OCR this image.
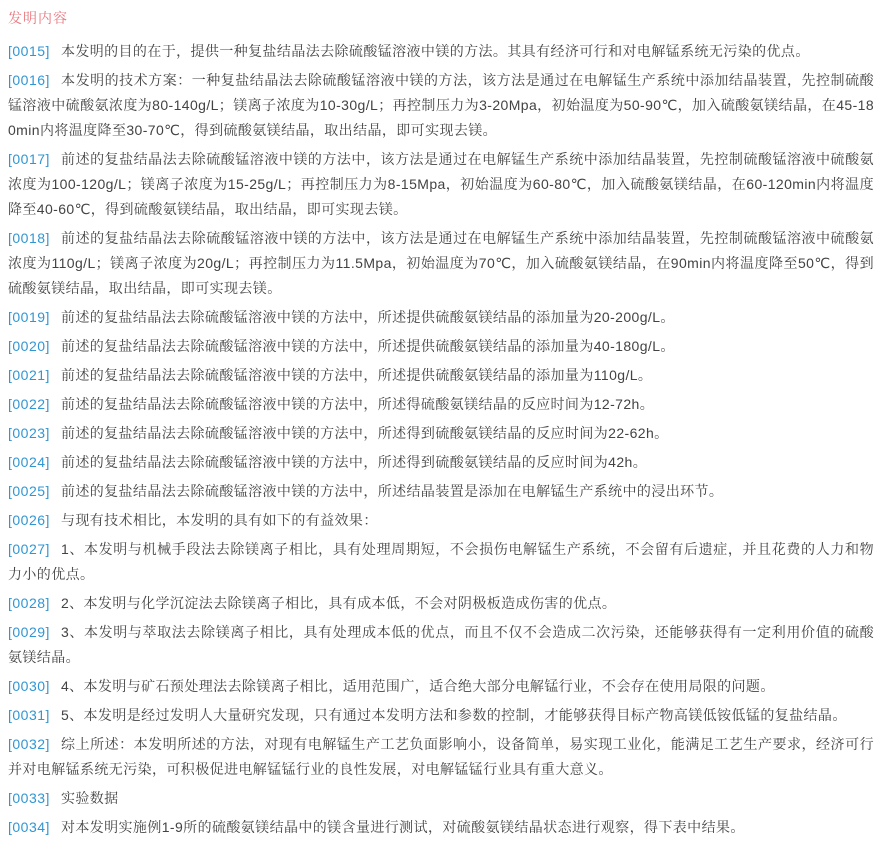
发明内容

[0015] 本发明的目的在于，提供一种复盐结晶法去除硫酸锰溶液中镁的方法。其具有经济可行和对电解锰系统无污染的优点。

[0016] 本发明的技术方案：一种复盐结晶法去除硫酸锰溶液中镁的方法，该方法是通过在电解锰生产系统中添加结晶装置，先控制硫酸锰溶液中硫酸氨浓度为80-140g/L；镁离子浓度为10-30g/L；再控制压力为3-20Mpa，初始温度为50-90℃，加入硫酸氨镁结晶，在45-180min内将温度降至30-70℃，得到硫酸氨镁结晶，取出结晶，即可实现去镁。

[0017] 前述的复盐结晶法去除硫酸锰溶液中镁的方法中，该方法是通过在电解锰生产系统中添加结晶装置，先控制硫酸锰溶液中硫酸氨浓度为100-120g/L；镁离子浓度为15-25g/L；再控制压力为8-15Mpa，初始温度为60-80℃，加入硫酸氨镁结晶，在60-120min内将温度降至40-60℃，得到硫酸氨镁结晶，取出结晶，即可实现去镁。

[0018] 前述的复盐结晶法去除硫酸锰溶液中镁的方法中，该方法是通过在电解锰生产系统中添加结晶装置，先控制硫酸锰溶液中硫酸氨浓度为110g/L；镁离子浓度为20g/L；再控制压力为11.5Mpa，初始温度为70℃，加入硫酸氨镁结晶，在90min内将温度降至50℃，得到硫酸氨镁结晶，取出结晶，即可实现去镁。

[0019] 前述的复盐结晶法去除硫酸锰溶液中镁的方法中，所述提供硫酸氨镁结晶的添加量为20-200g/L。

[0020] 前述的复盐结晶法去除硫酸锰溶液中镁的方法中，所述提供硫酸氨镁结晶的添加量为40-180g/L。

[0021] 前述的复盐结晶法去除硫酸锰溶液中镁的方法中，所述提供硫酸氨镁结晶的添加量为110g/L。

[0022] 前述的复盐结晶法去除硫酸锰溶液中镁的方法中，所述得硫酸氨镁结晶的反应时间为12-72h。

[0023] 前述的复盐结晶法去除硫酸锰溶液中镁的方法中，所述得到硫酸氨镁结晶的反应时间为22-62h。

[0024] 前述的复盐结晶法去除硫酸锰溶液中镁的方法中，所述得到硫酸氨镁结晶的反应时间为42h。

[0025] 前述的复盐结晶法去除硫酸锰溶液中镁的方法中，所述结晶装置是添加在电解锰生产系统中的浸出环节。

[0026] 与现有技术相比，本发明的具有如下的有益效果：

[0027] 1、本发明与机械手段法去除镁离子相比，具有处理周期短，不会损伤电解锰生产系统，不会留有后遗症，并且花费的人力和物力小的优点。

[0028] 2、本发明与化学沉淀法去除镁离子相比，具有成本低，不会对阴极板造成伤害的优点。

[0029] 3、本发明与萃取法去除镁离子相比，具有处理成本低的优点，而且不仅不会造成二次污染，还能够获得有一定利用价值的硫酸氨镁结晶。

[0030] 4、本发明与矿石预处理法去除镁离子相比，适用范围广，适合绝大部分电解锰行业，不会存在使用局限的问题。

[0031] 5、本发明是经过发明人大量研究发现，只有通过本发明方法和参数的控制，才能够获得目标产物高镁低铵低锰的复盐结晶。

[0032] 综上所述：本发明所述的方法，对现有电解锰生产工艺负面影响小，设备简单，易实现工业化，能满足工艺生产要求，经济可行并对电解锰系统无污染，可积极促进电解锰锰行业的良性发展，对电解锰锰行业具有重大意义。

[0033] 实验数据

[0034] 对本发明实施例1-9所的硫酸氨镁结晶中的镁含量进行测试，对硫酸氨镁结晶状态进行观察，得下表中结果。
